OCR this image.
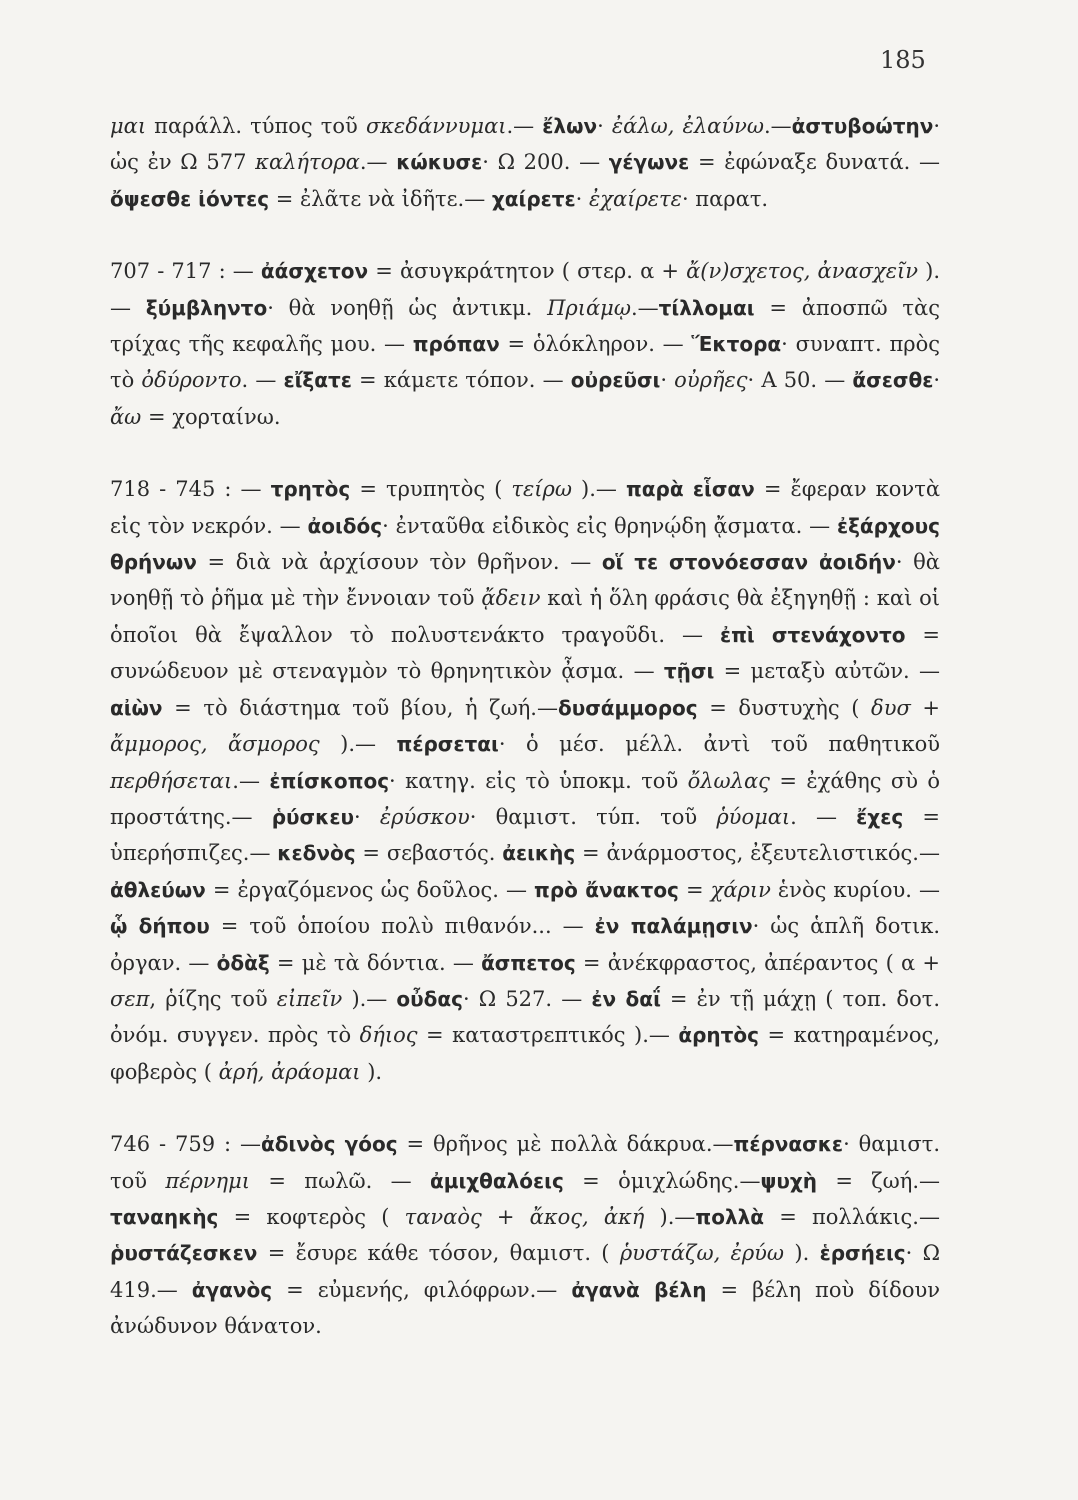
185

μαι παράλλ. τύπος τοῦ σκεδάννυμαι.— ἔλων· ἐάλω, ἐλαύνω.—ἀστυβοώτην· ὡς ἐν Ω 577 καλήτορα.— κώκυσε· Ω 200. — γέγωνε = ἐφώναξε δυνατά. — ὄψεσθε ἰόντες = ἐλᾶτε νὰ ἰδῆτε.— χαίρετε· ἐχαίρετε· παρατ.

707 - 717 : — ἀάσχετον = ἀσυγκράτητον ( στερ. α + ἄ(ν)σχετος, ἀνασχεῖν ).— ξύμβληντο· θὰ νοηθῇ ὡς ἀντικμ. Πριάμῳ.—τίλλομαι = ἀποσπῶ τὰς τρίχας τῆς κεφαλῆς μου. — πρόπαν = ὁλόκληρον. — Ἕκτορα· συναπτ. πρὸς τὸ ὀδύροντο. — εἴξατε = κάμετε τόπον. — οὐρεῦσι· οὐρῆες· Α 50. — ἄσεσθε· ἄω = χορταίνω.

718 - 745 : — τρητὸς = τρυπητὸς ( τείρω ).— παρὰ εἷσαν = ἔφεραν κοντὰ εἰς τὸν νεκρόν. — ἀοιδός· ἐνταῦθα εἰδικὸς εἰς θρηνῴδη ᾄσματα. — ἐξάρχους θρήνων = διὰ νὰ ἀρχίσουν τὸν θρῆνον. — οἵ τε στονόεσσαν ἀοιδήν· θὰ νοηθῇ τὸ ῥῆμα μὲ τὴν ἔννοιαν τοῦ ᾄδειν καὶ ἡ ὅλη φράσις θὰ ἐξηγηθῇ : καὶ οἱ ὁποῖοι θὰ ἔψαλλον τὸ πολυστενάκτο τραγοῦδι. — ἐπὶ στενάχοντο = συνώδευον μὲ στεναγμὸν τὸ θρηνητικὸν ᾆσμα. — τῇσι = μεταξὺ αὐτῶν. — αἰὼν = τὸ διάστημα τοῦ βίου, ἡ ζωή.—δυσάμμορος = δυστυχὴς ( δυσ + ἄμμορος, ἄσμορος ).— πέρσεται· ὁ μέσ. μέλλ. ἀντὶ τοῦ παθητικοῦ περθήσεται.— ἐπίσκοπος· κατηγ. εἰς τὸ ὑποκμ. τοῦ ὄλωλας = ἐχάθης σὺ ὁ προστάτης.— ῥύσκευ· ἐρύσκου· θαμιστ. τύπ. τοῦ ῥύομαι. — ἔχες = ὑπερήσπιζες.— κεδνὸς = σεβαστός. ἀεικὴς = ἀνάρμοστος, ἐξευτελιστικός.—ἀθλεύων = ἐργαζόμενος ὡς δοῦλος. — πρὸ ἄνακτος = χάριν ἑνὸς κυρίου. — ᾧ δήπου = τοῦ ὁποίου πολὺ πιθανόν... — ἐν παλάμῃσιν· ὡς ἁπλῆ δοτικ. ὀργαν. — ὀδὰξ = μὲ τὰ δόντια. — ἄσπετος = ἀνέκφραστος, ἀπέραντος ( α + σεπ, ῥίζης τοῦ εἰπεῖν ).— οὖδας· Ω 527. — ἐν δαΐ = ἐν τῇ μάχῃ ( τοπ. δοτ. ὀνόμ. συγγεν. πρὸς τὸ δήιος = καταστρεπτικός ).— ἀρητὸς = κατηραμένος, φοβερὸς ( ἀρή, ἀράομαι ).

746 - 759 : —ἀδινὸς γόος = θρῆνος μὲ πολλὰ δάκρυα.—πέρνασκε· θαμιστ. τοῦ πέρνημι = πωλῶ. — ἀμιχθαλόεις = ὁμιχλώδης.—ψυχὴ = ζωή.— ταναηκὴς = κοφτερὸς ( ταναὸς + ἄκος, ἀκή ).—πολλὰ = πολλάκις.— ῥυστάζεσκεν = ἔσυρε κάθε τόσον, θαμιστ. ( ῥυστάζω, ἐρύω ). ἑρσήεις· Ω 419.— ἀγανὸς = εὐμενής, φιλόφρων.— ἀγανὰ βέλη = βέλη ποὺ δίδουν ἀνώδυνον θάνατον.
